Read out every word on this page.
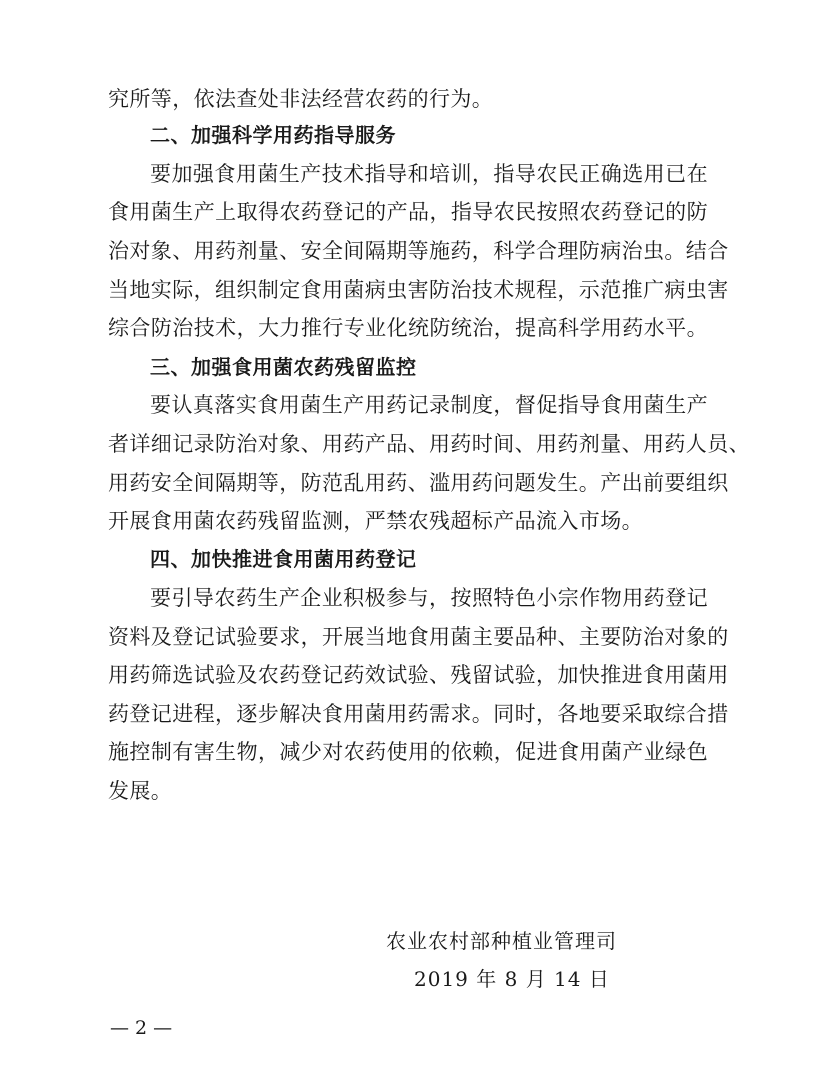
究所等，依法查处非法经营农药的行为。
二、加强科学用药指导服务
要加强食用菌生产技术指导和培训，指导农民正确选用已在
食用菌生产上取得农药登记的产品，指导农民按照农药登记的防
治对象、用药剂量、安全间隔期等施药，科学合理防病治虫。结合
当地实际，组织制定食用菌病虫害防治技术规程，示范推广病虫害
综合防治技术，大力推行专业化统防统治，提高科学用药水平。
三、加强食用菌农药残留监控
要认真落实食用菌生产用药记录制度，督促指导食用菌生产
者详细记录防治对象、用药产品、用药时间、用药剂量、用药人员、
用药安全间隔期等，防范乱用药、滥用药问题发生。产出前要组织
开展食用菌农药残留监测，严禁农残超标产品流入市场。
四、加快推进食用菌用药登记
要引导农药生产企业积极参与，按照特色小宗作物用药登记
资料及登记试验要求，开展当地食用菌主要品种、主要防治对象的
用药筛选试验及农药登记药效试验、残留试验，加快推进食用菌用
药登记进程，逐步解决食用菌用药需求。同时，各地要采取综合措
施控制有害生物，减少对农药使用的依赖，促进食用菌产业绿色
发展。
农业农村部种植业管理司
2019 年 8 月 14 日
— 2 —
